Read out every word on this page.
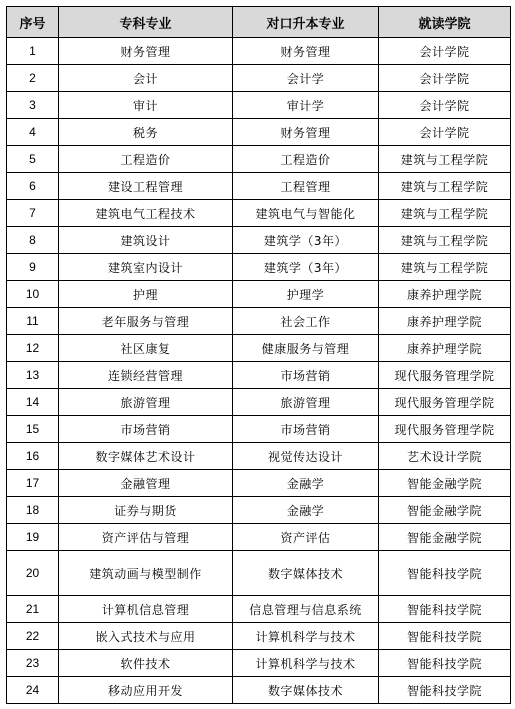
序号	专科专业	对口升本专业	就读学院
1	财务管理	财务管理	会计学院
2	会计	会计学	会计学院
3	审计	审计学	会计学院
4	税务	财务管理	会计学院
5	工程造价	工程造价	建筑与工程学院
6	建设工程管理	工程管理	建筑与工程学院
7	建筑电气工程技术	建筑电气与智能化	建筑与工程学院
8	建筑设计	建筑学（3年）	建筑与工程学院
9	建筑室内设计	建筑学（3年）	建筑与工程学院
10	护理	护理学	康养护理学院
11	老年服务与管理	社会工作	康养护理学院
12	社区康复	健康服务与管理	康养护理学院
13	连锁经营管理	市场营销	现代服务管理学院
14	旅游管理	旅游管理	现代服务管理学院
15	市场营销	市场营销	现代服务管理学院
16	数字媒体艺术设计	视觉传达设计	艺术设计学院
17	金融管理	金融学	智能金融学院
18	证券与期货	金融学	智能金融学院
19	资产评估与管理	资产评估	智能金融学院
20	建筑动画与模型制作	数字媒体技术	智能科技学院
21	计算机信息管理	信息管理与信息系统	智能科技学院
22	嵌入式技术与应用	计算机科学与技术	智能科技学院
23	软件技术	计算机科学与技术	智能科技学院
24	移动应用开发	数字媒体技术	智能科技学院
